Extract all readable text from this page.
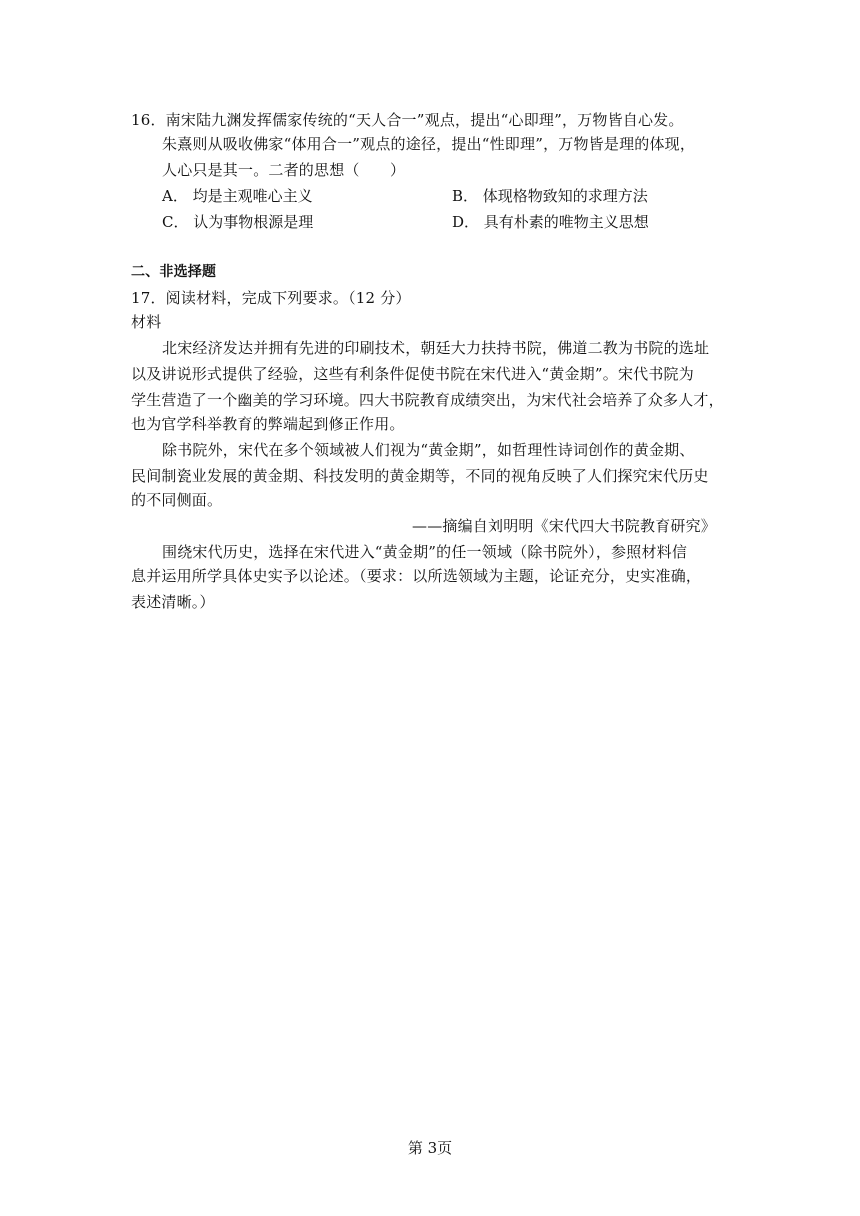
16．南宋陆九渊发挥儒家传统的“天人合一”观点，提出“心即理”，万物皆自心发。
朱熹则从吸收佛家“体用合一”观点的途径，提出“性即理”，万物皆是理的体现，
人心只是其一。二者的思想（　　）
A． 均是主观唯心主义	B． 体现格物致知的求理方法
C． 认为事物根源是理	D． 具有朴素的唯物主义思想
二、非选择题
17．阅读材料，完成下列要求。（12 分）
材料
北宋经济发达并拥有先进的印刷技术，朝廷大力扶持书院，佛道二教为书院的选址
以及讲说形式提供了经验，这些有利条件促使书院在宋代进入“黄金期”。宋代书院为
学生营造了一个幽美的学习环境。四大书院教育成绩突出，为宋代社会培养了众多人才，
也为官学科举教育的弊端起到修正作用。
除书院外，宋代在多个领域被人们视为“黄金期”，如哲理性诗词创作的黄金期、
民间制瓷业发展的黄金期、科技发明的黄金期等，不同的视角反映了人们探究宋代历史
的不同侧面。
——摘编自刘明明《宋代四大书院教育研究》
围绕宋代历史，选择在宋代进入“黄金期”的任一领域（除书院外），参照材料信
息并运用所学具体史实予以论述。（要求：以所选领域为主题，论证充分，史实准确，
表述清晰。）
第 3页
